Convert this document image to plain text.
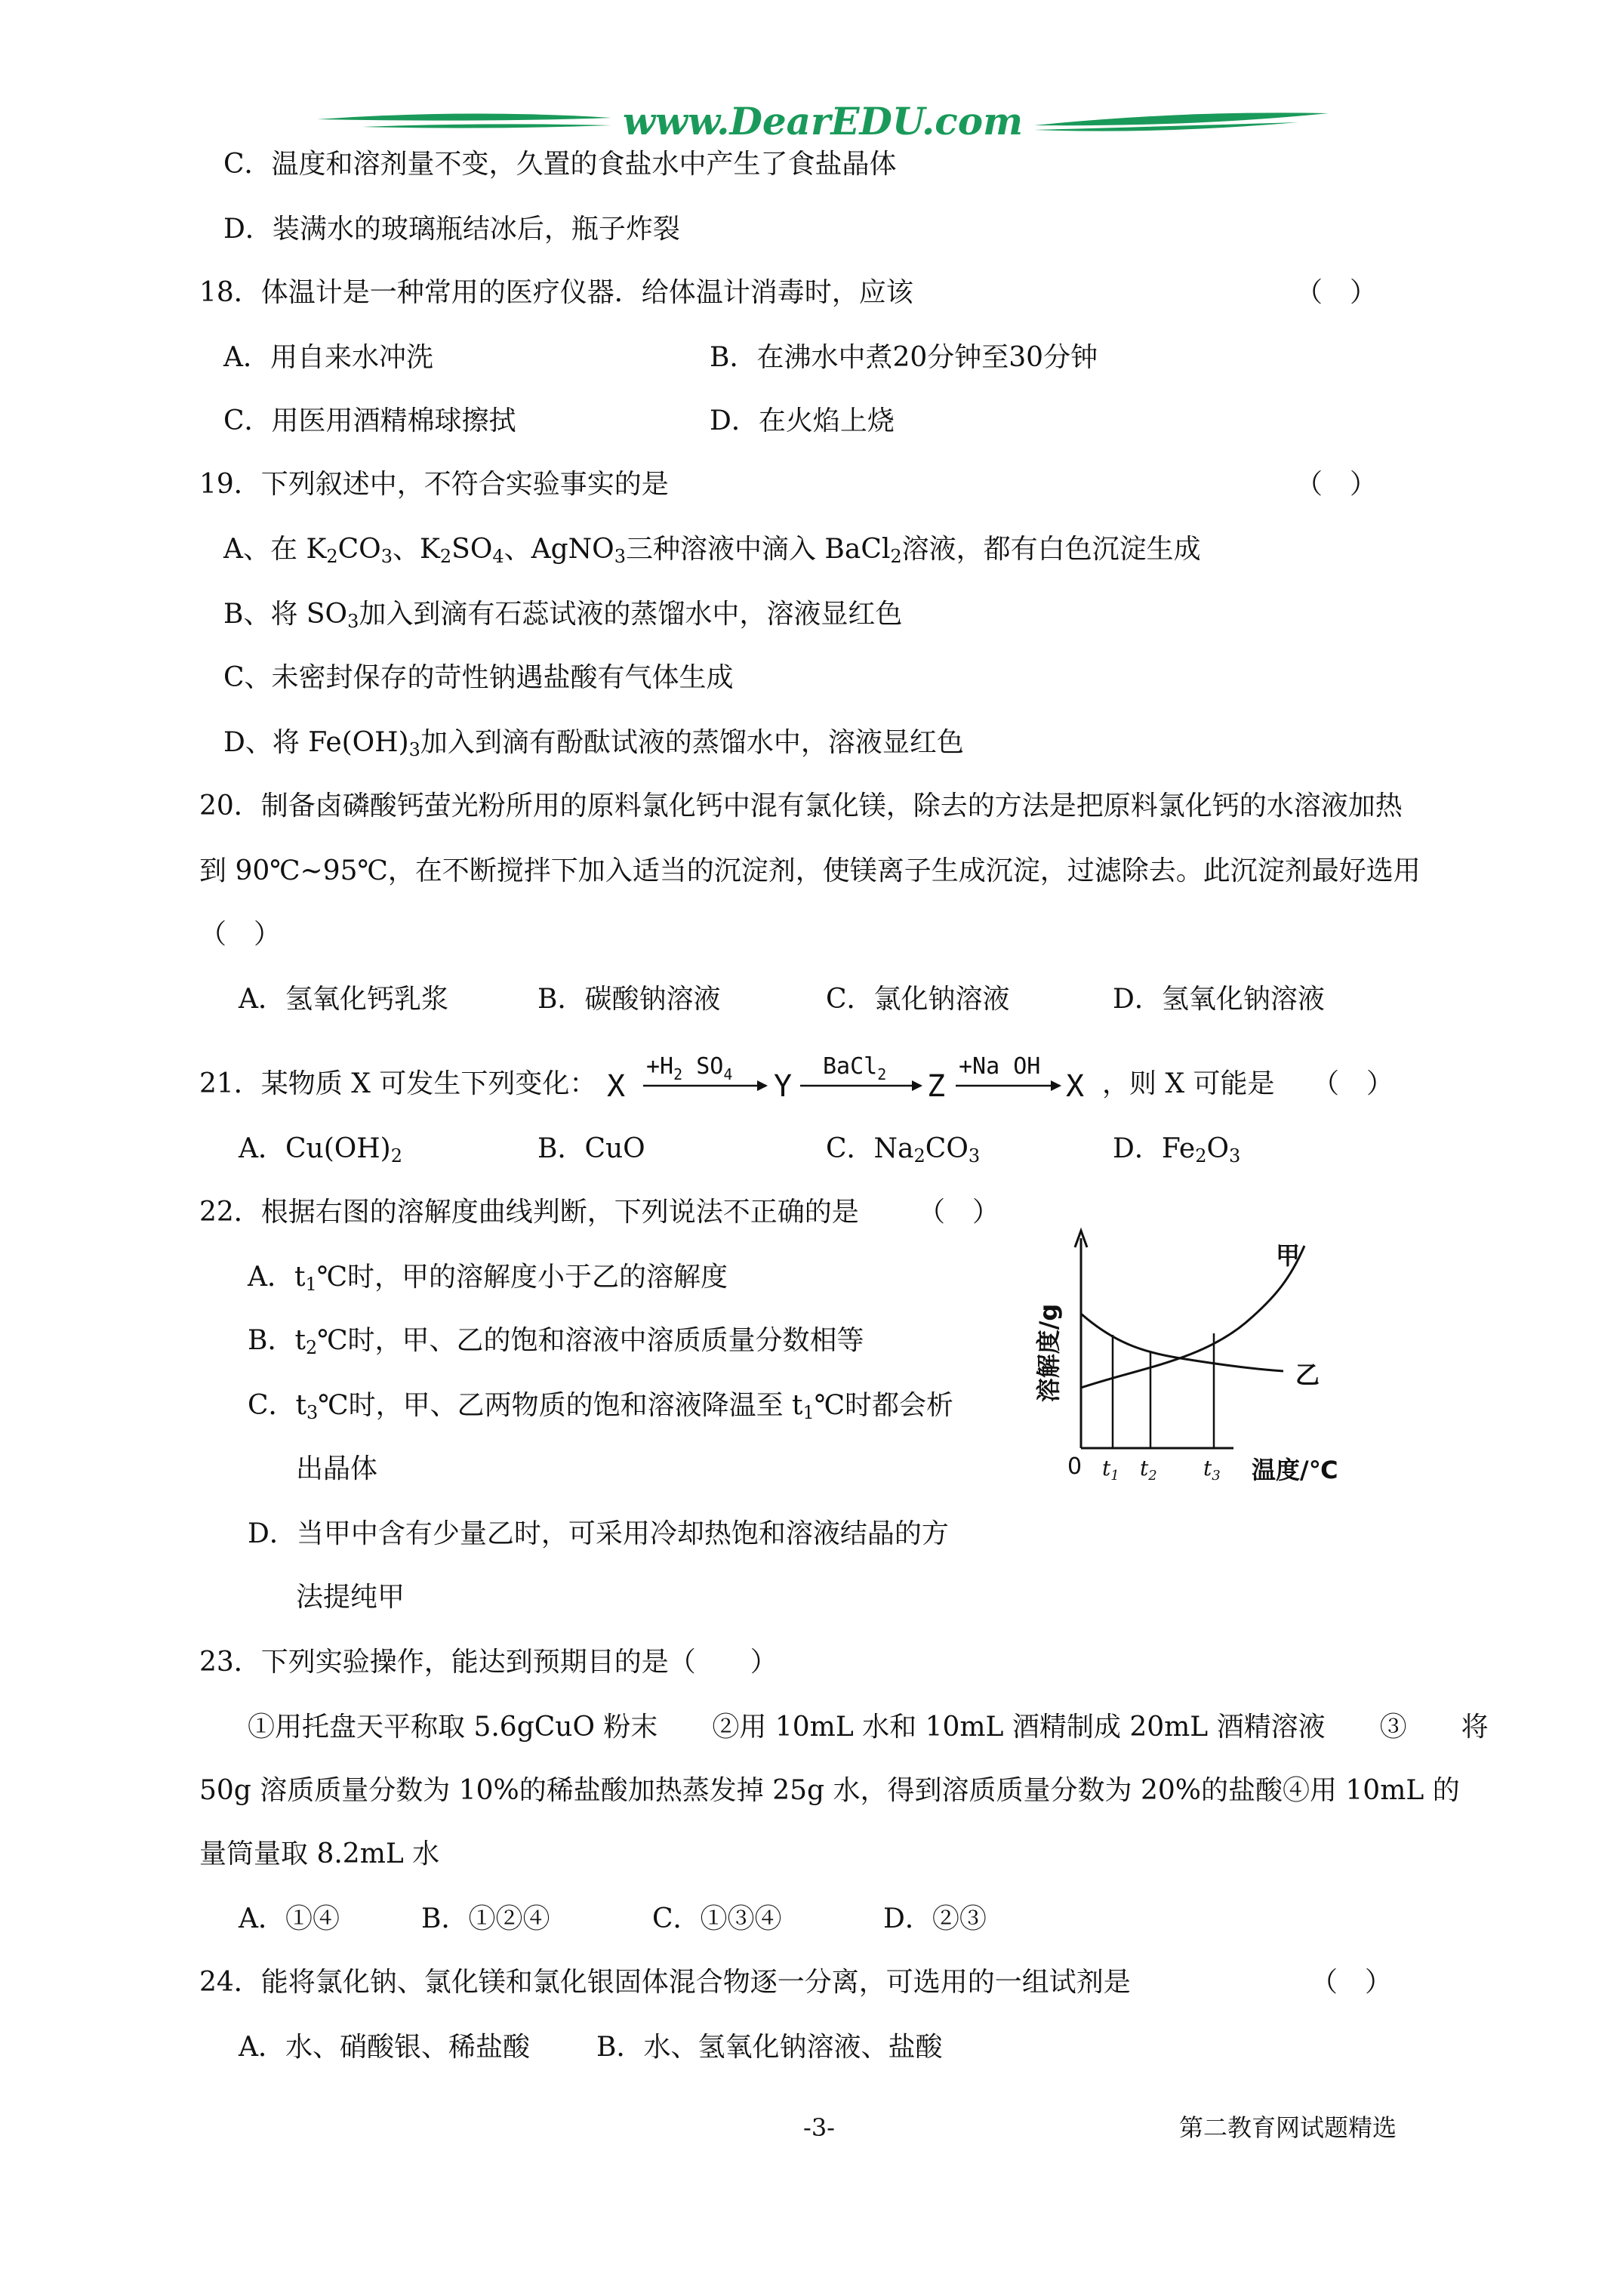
www.DearEDU.com
C．温度和溶剂量不变，久置的食盐水中产生了食盐晶体
D．装满水的玻璃瓶结冰后，瓶子炸裂
18．体温计是一种常用的医疗仪器．给体温计消毒时，应该	（　）
A．用自来水冲洗	B．在沸水中煮20分钟至30分钟
C．用医用酒精棉球擦拭	D．在火焰上烧
19．下列叙述中，不符合实验事实的是	（　）
A、在 $K_2CO_3$、$K_2SO_4$、AgNO$_3$三种溶液中滴入 BaCl$_2$溶液，都有白色沉淀生成
B、将 $SO_3$加入到滴有石蕊试液的蒸馏水中，溶液显红色
C、未密封保存的苛性钠遇盐酸有气体生成
D、将 $Fe(OH)_3$加入到滴有酚酞试液的蒸馏水中，溶液显红色
20．制备卤磷酸钙萤光粉所用的原料氯化钙中混有氯化镁，除去的方法是把原料氯化钙的水溶液加热
到 90℃~95℃，在不断搅拌下加入适当的沉淀剂，使镁离子生成沉淀，过滤除去。此沉淀剂最好选用
（　）
A．氢氧化钙乳浆	B．碳酸钠溶液	C．氯化钠溶液	D．氢氧化钠溶液
21．某物质 X 可发生下列变化： X
$+H_2$ $SO_4$ Y
BaCl$_2$ Z
+Na OH
X ，则 X 可能是 （　）
A．$Cu(OH)_2$	B．CuO	C．$Na_2CO_3$	D．$Fe_2O_3$
22．根据右图的溶解度曲线判断，下列说法不正确的是 （　）
A．$t_1℃$时，甲的溶解度小于乙的溶解度
B．$t_2℃$时，甲、乙的饱和溶液中溶质质量分数相等
C．$t_3℃$时，甲、乙两物质的饱和溶液降温至 $t_1℃$时都会析
出晶体
D．当甲中含有少量乙时，可采用冷却热饱和溶液结晶的方
法提纯甲
溶解度/g
0 $t_1$ $t_2$ $t_3$ 温度/℃
甲
乙
23．下列实验操作，能达到预期目的是（　　）
①用托盘天平称取 5.6gCuO 粉末　　②用 10mL 水和 10mL 酒精制成 20mL 酒精溶液　　③　　将
50g 溶质质量分数为 10%的稀盐酸加热蒸发掉 25g 水，得到溶质质量分数为 20%的盐酸④用 10mL 的
量筒量取 8.2mL 水
A．①④	B．①②④	C．①③④	D．②③
24．能将氯化钠、氯化镁和氯化银固体混合物逐一分离，可选用的一组试剂是	（　）
A．水、硝酸银、稀盐酸 B．水、氢氧化钠溶液、盐酸
-3-	第二教育网试题精选
